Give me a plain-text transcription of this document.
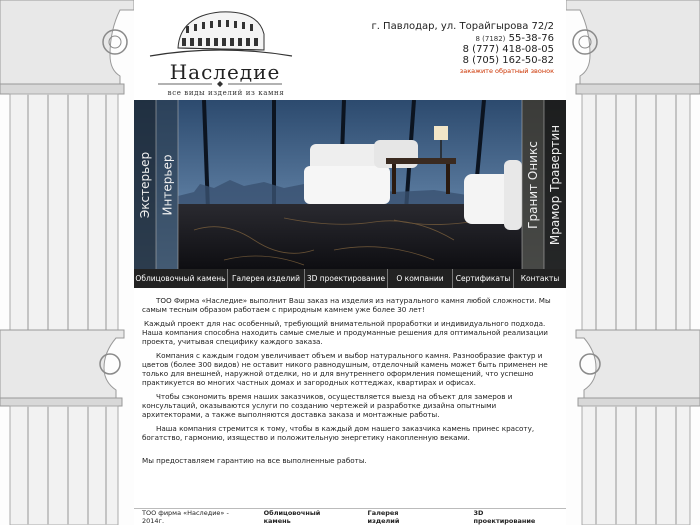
Наследие
все виды изделий из камня
г. Павлодар, ул. Торайгырова 72/2
8 (7182) 55-38-76
8 (777) 418-08-05
8 (705) 162-50-82
закажите обратный звонок
Экстерьер Интерьер	Гранит Оникс Мрамор Травертин
Облицовочный камень Галерея изделий 3D проектирование	О компании	Сертификаты	Контакты

ТОО Фирма «Наследие» выполнит Ваш заказ на изделия из натурального камня любой сложности. Мы самым тесным образом работаем с природным камнем уже более 30 лет!

Каждый проект для нас особенный, требующий внимательной проработки и индивидуального подхода. Наша компания способна находить самые смелые и продуманные решения для оптимальной реализации проекта, учитывая специфику каждого заказа.

Компания с каждым годом увеличивает объем и выбор натурального камня. Разнообразие фактур и цветов (более 300 видов) не оставит никого равнодушным, отделочный камень может быть применен не только для внешней, наружной отделки, но и для внутреннего оформления помещений, что успешно практикуется во многих частных домах и загородных коттеджах, квартирах и офисах.

Чтобы сэкономить время наших заказчиков, осуществляется выезд на объект для замеров и консультаций, оказываются услуги по созданию чертежей и разработке дизайна опытными архитекторами, а также выполняются доставка заказа и монтажные работы.

Наша компания стремится к тому, чтобы в каждый дом нашего заказчика камень принес красоту, богатство, гармонию, изящество и положительную энергетику накопленную веками.

Мы предоставляем гарантию на все выполненные работы.

ТОО фирма «Наследие» - 2014г.
Облицовочный камень
Галерея изделий
3D проектирование
